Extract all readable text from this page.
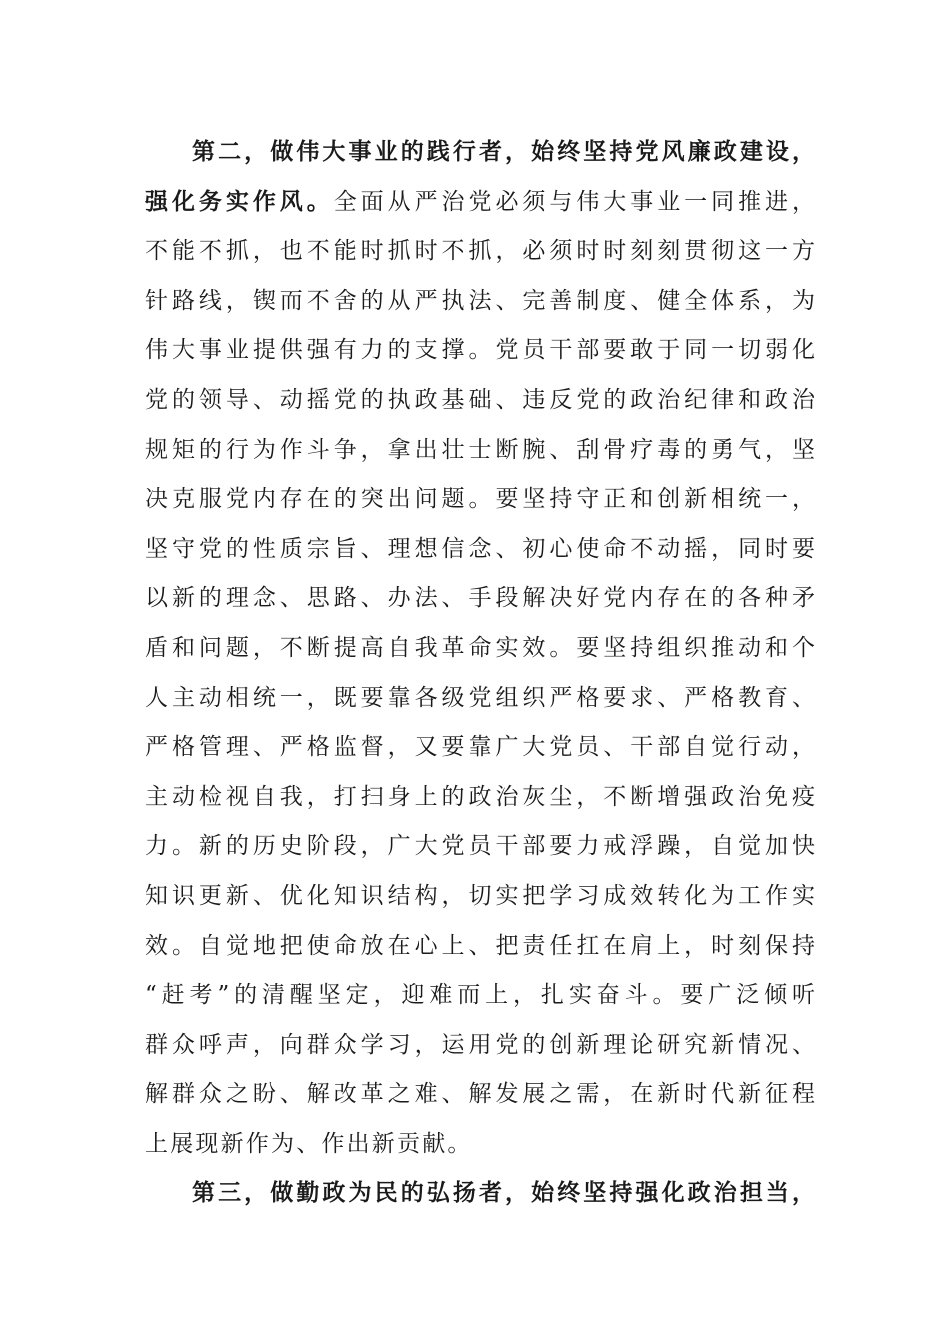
第二，做伟大事业的践行者，始终坚持党风廉政建设，
强化务实作风。全面从严治党必须与伟大事业一同推进，
不能不抓，也不能时抓时不抓，必须时时刻刻贯彻这一方
针路线，锲而不舍的从严执法、完善制度、健全体系，为
伟大事业提供强有力的支撑。党员干部要敢于同一切弱化
党的领导、动摇党的执政基础、违反党的政治纪律和政治
规矩的行为作斗争，拿出壮士断腕、刮骨疗毒的勇气，坚
决克服党内存在的突出问题。要坚持守正和创新相统一，
坚守党的性质宗旨、理想信念、初心使命不动摇，同时要
以新的理念、思路、办法、手段解决好党内存在的各种矛
盾和问题，不断提高自我革命实效。要坚持组织推动和个
人主动相统一，既要靠各级党组织严格要求、严格教育、
严格管理、严格监督，又要靠广大党员、干部自觉行动，
主动检视自我，打扫身上的政治灰尘，不断增强政治免疫
力。新的历史阶段，广大党员干部要力戒浮躁，自觉加快
知识更新、优化知识结构，切实把学习成效转化为工作实
效。自觉地把使命放在心上、把责任扛在肩上，时刻保持
“赶考”的清醒坚定，迎难而上，扎实奋斗。要广泛倾听
群众呼声，向群众学习，运用党的创新理论研究新情况、
解群众之盼、解改革之难、解发展之需，在新时代新征程
上展现新作为、作出新贡献。
第三，做勤政为民的弘扬者，始终坚持强化政治担当，
